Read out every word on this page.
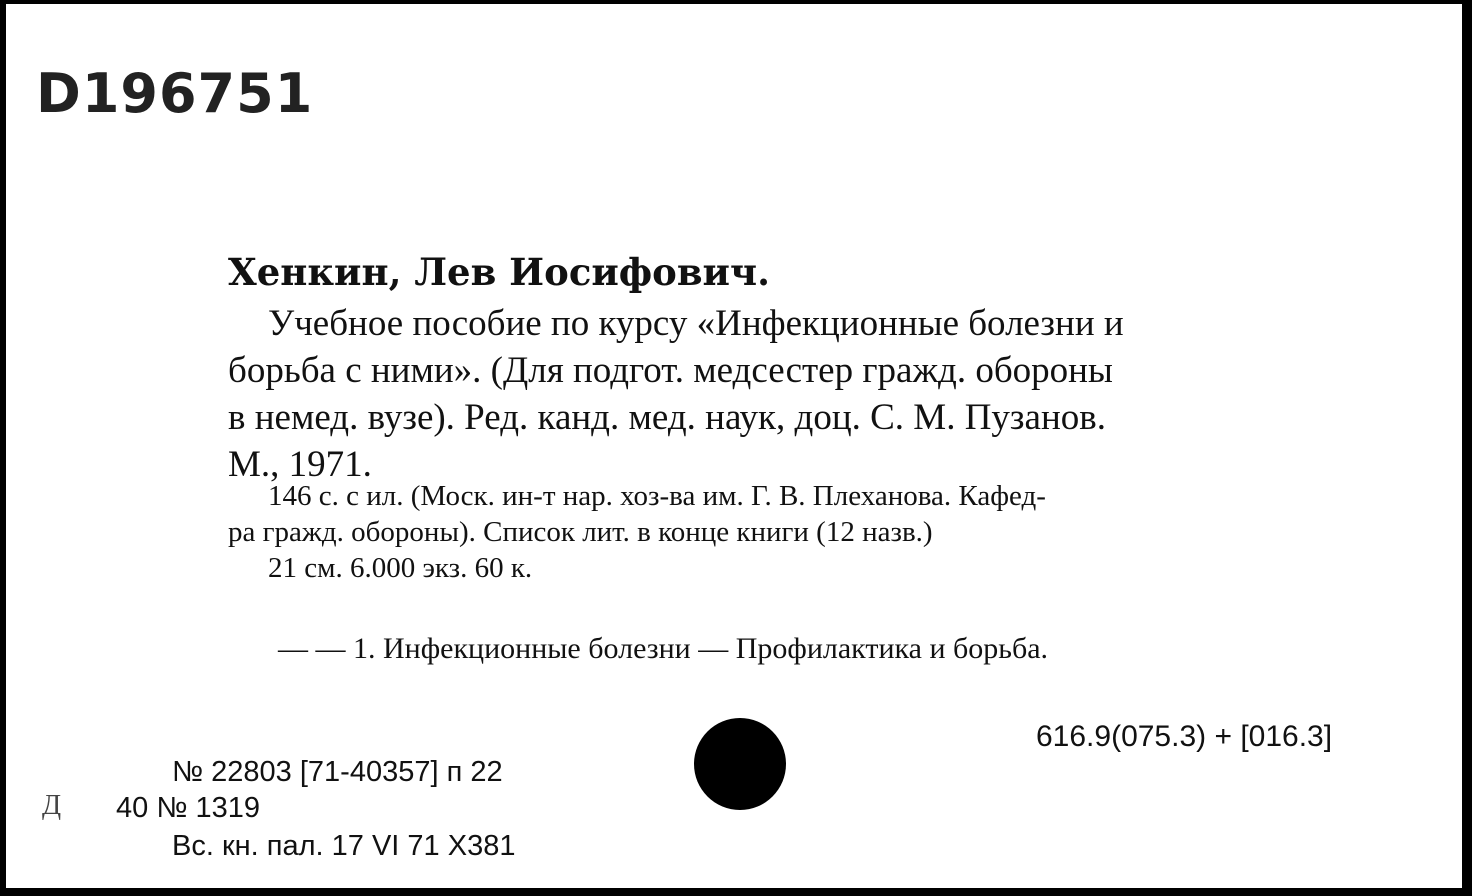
D196751
Хенкин, Лев Иосифович.
Учебное пособие по курсу «Инфекционные болезни и
борьба с ними». (Для подгот. медсестер гражд. обороны
в немед. вузе). Ред. канд. мед. наук, доц. С. М. Пузанов.
М., 1971.
146 с. с ил. (Моск. ин-т нар. хоз-ва им. Г. В. Плеханова. Кафед-
ра гражд. обороны). Список лит. в конце книги (12 назв.)
21 см. 6.000 экз. 60 к.
— — 1. Инфекционные болезни — Профилактика и борьба.
616.9(075.3) + [016.3]
№ 22803 [71-40357] п 22
40 № 1319
Вс. кн. пал. 17 VI 71 Х381
Д
